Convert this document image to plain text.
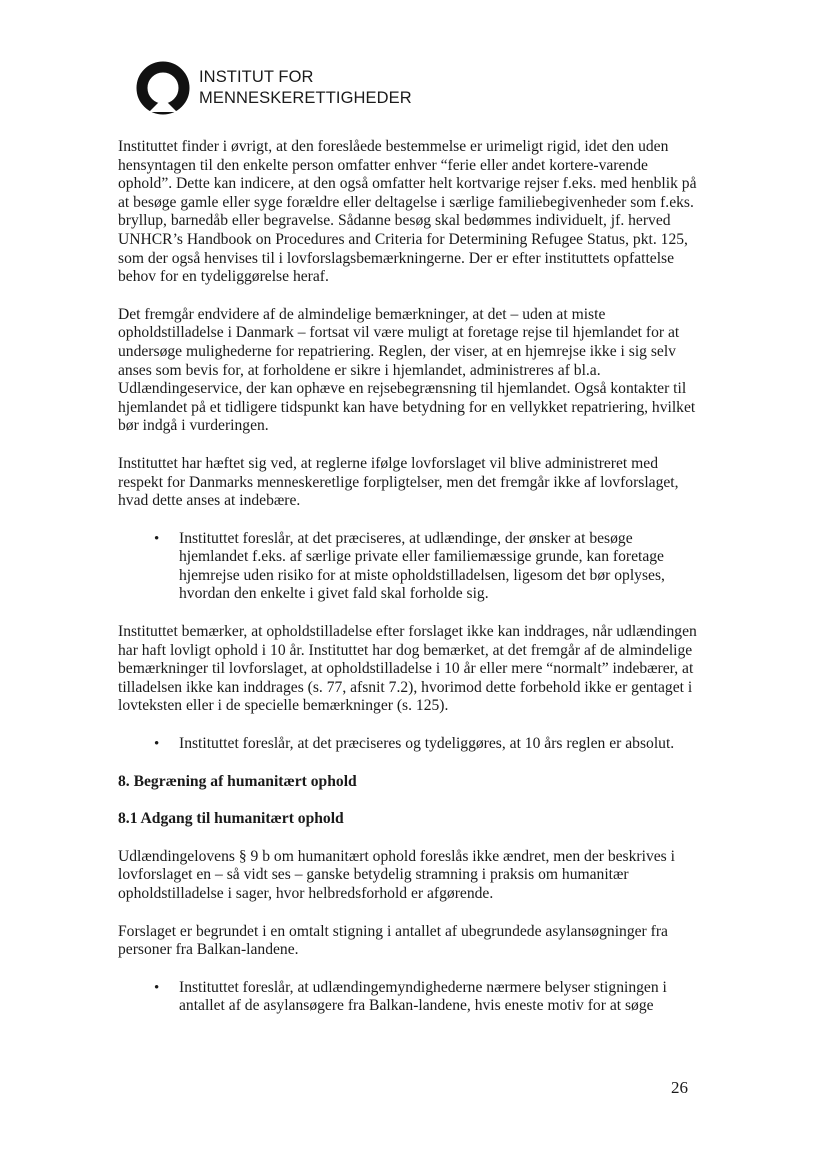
INSTITUT FOR
MENNESKERETTIGHEDER

Instituttet finder i øvrigt, at den foreslåede bestemmelse er urimeligt rigid, idet den uden hensyntagen til den enkelte person omfatter enhver “ferie eller andet kortere-varende ophold”. Dette kan indicere, at den også omfatter helt kortvarige rejser f.eks. med henblik på at besøge gamle eller syge forældre eller deltagelse i særlige familiebegivenheder som f.eks. bryllup, barnedåb eller begravelse. Sådanne besøg skal bedømmes individuelt, jf. herved UNHCR’s Handbook on Procedures and Criteria for Determining Refugee Status, pkt. 125, som der også henvises til i lovforslagsbemærkningerne. Der er efter instituttets opfattelse behov for en tydeliggørelse heraf.

Det fremgår endvidere af de almindelige bemærkninger, at det – uden at miste opholdstilladelse i Danmark – fortsat vil være muligt at foretage rejse til hjemlandet for at undersøge mulighederne for repatriering. Reglen, der viser, at en hjemrejse ikke i sig selv anses som bevis for, at forholdene er sikre i hjemlandet, administreres af bl.a. Udlændingeservice, der kan ophæve en rejsebegrænsning til hjemlandet. Også kontakter til hjemlandet på et tidligere tidspunkt kan have betydning for en vellykket repatriering, hvilket bør indgå i vurderingen.

Instituttet har hæftet sig ved, at reglerne ifølge lovforslaget vil blive administreret med respekt for Danmarks menneskeretlige forpligtelser, men det fremgår ikke af lovforslaget, hvad dette anses at indebære.

• Instituttet foreslår, at det præciseres, at udlændinge, der ønsker at besøge hjemlandet f.eks. af særlige private eller familiemæssige grunde, kan foretage hjemrejse uden risiko for at miste opholdstilladelsen, ligesom det bør oplyses, hvordan den enkelte i givet fald skal forholde sig.

Instituttet bemærker, at opholdstilladelse efter forslaget ikke kan inddrages, når udlændingen har haft lovligt ophold i 10 år. Instituttet har dog bemærket, at det fremgår af de almindelige bemærkninger til lovforslaget, at opholdstilladelse i 10 år eller mere “normalt” indebærer, at tilladelsen ikke kan inddrages (s. 77, afsnit 7.2), hvorimod dette forbehold ikke er gentaget i lovteksten eller i de specielle bemærkninger (s. 125).

• Instituttet foreslår, at det præciseres og tydeliggøres, at 10 års reglen er absolut.

8. Begræning af humanitært ophold

8.1 Adgang til humanitært ophold

Udlændingelovens § 9 b om humanitært ophold foreslås ikke ændret, men der beskrives i lovforslaget en – så vidt ses – ganske betydelig stramning i praksis om humanitær opholdstilladelse i sager, hvor helbredsforhold er afgørende.

Forslaget er begrundet i en omtalt stigning i antallet af ubegrundede asylansøgninger fra personer fra Balkan-landene.

• Instituttet foreslår, at udlændingemyndighederne nærmere belyser stigningen i antallet af de asylansøgere fra Balkan-landene, hvis eneste motiv for at søge
26
